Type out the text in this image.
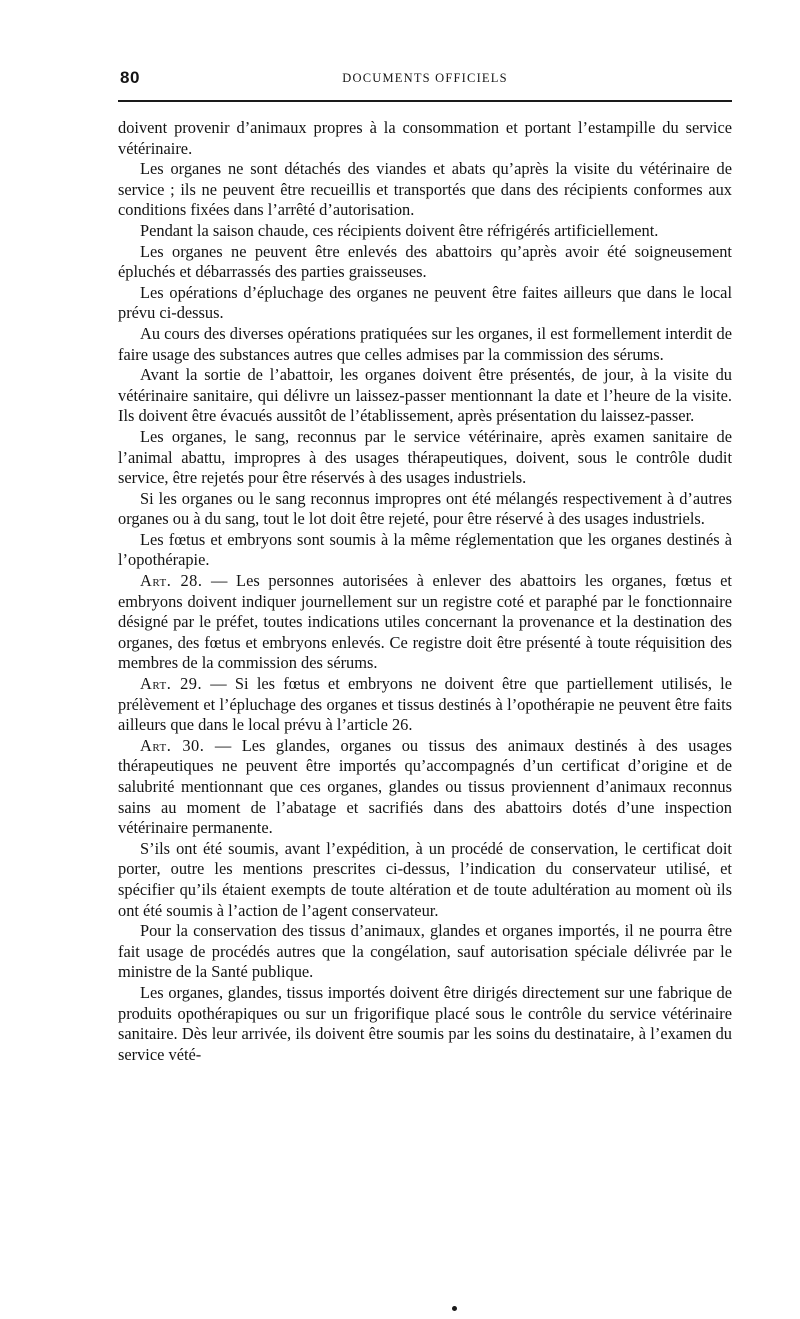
80	DOCUMENTS OFFICIELS

doivent provenir d’animaux propres à la consommation et portant l’estampille du service vétérinaire.

Les organes ne sont détachés des viandes et abats qu’après la visite du vétérinaire de service ; ils ne peuvent être recueillis et transportés que dans des récipients conformes aux conditions fixées dans l’arrêté d’autorisation.

Pendant la saison chaude, ces récipients doivent être réfrigérés artificiellement.

Les organes ne peuvent être enlevés des abattoirs qu’après avoir été soigneusement épluchés et débarrassés des parties graisseuses.

Les opérations d’épluchage des organes ne peuvent être faites ailleurs que dans le local prévu ci-dessus.

Au cours des diverses opérations pratiquées sur les organes, il est formellement interdit de faire usage des substances autres que celles admises par la commission des sérums.

Avant la sortie de l’abattoir, les organes doivent être présentés, de jour, à la visite du vétérinaire sanitaire, qui délivre un laissez-passer mentionnant la date et l’heure de la visite. Ils doivent être évacués aussitôt de l’établissement, après présentation du laissez-passer.

Les organes, le sang, reconnus par le service vétérinaire, après examen sanitaire de l’animal abattu, impropres à des usages thérapeutiques, doivent, sous le contrôle dudit service, être rejetés pour être réservés à des usages industriels.

Si les organes ou le sang reconnus impropres ont été mélangés respectivement à d’autres organes ou à du sang, tout le lot doit être rejeté, pour être réservé à des usages industriels.

Les fœtus et embryons sont soumis à la même réglementation que les organes destinés à l’opothérapie.

Art. 28. — Les personnes autorisées à enlever des abattoirs les organes, fœtus et embryons doivent indiquer journellement sur un registre coté et paraphé par le fonctionnaire désigné par le préfet, toutes indications utiles concernant la provenance et la destination des organes, des fœtus et embryons enlevés. Ce registre doit être présenté à toute réquisition des membres de la commission des sérums.

Art. 29. — Si les fœtus et embryons ne doivent être que partiellement utilisés, le prélèvement et l’épluchage des organes et tissus destinés à l’opothérapie ne peuvent être faits ailleurs que dans le local prévu à l’article 26.

Art. 30. — Les glandes, organes ou tissus des animaux destinés à des usages thérapeutiques ne peuvent être importés qu’accompagnés d’un certificat d’origine et de salubrité mentionnant que ces organes, glandes ou tissus proviennent d’animaux reconnus sains au moment de l’abatage et sacrifiés dans des abattoirs dotés d’une inspection vétérinaire permanente.

S’ils ont été soumis, avant l’expédition, à un procédé de conservation, le certificat doit porter, outre les mentions prescrites ci-dessus, l’indication du conservateur utilisé, et spécifier qu’ils étaient exempts de toute altération et de toute adultération au moment où ils ont été soumis à l’action de l’agent conservateur.

Pour la conservation des tissus d’animaux, glandes et organes importés, il ne pourra être fait usage de procédés autres que la congélation, sauf autorisation spéciale délivrée par le ministre de la Santé publique.

Les organes, glandes, tissus importés doivent être dirigés directement sur une fabrique de produits opothérapiques ou sur un frigorifique placé sous le contrôle du service vétérinaire sanitaire. Dès leur arrivée, ils doivent être soumis par les soins du destinataire, à l’examen du service vété-
